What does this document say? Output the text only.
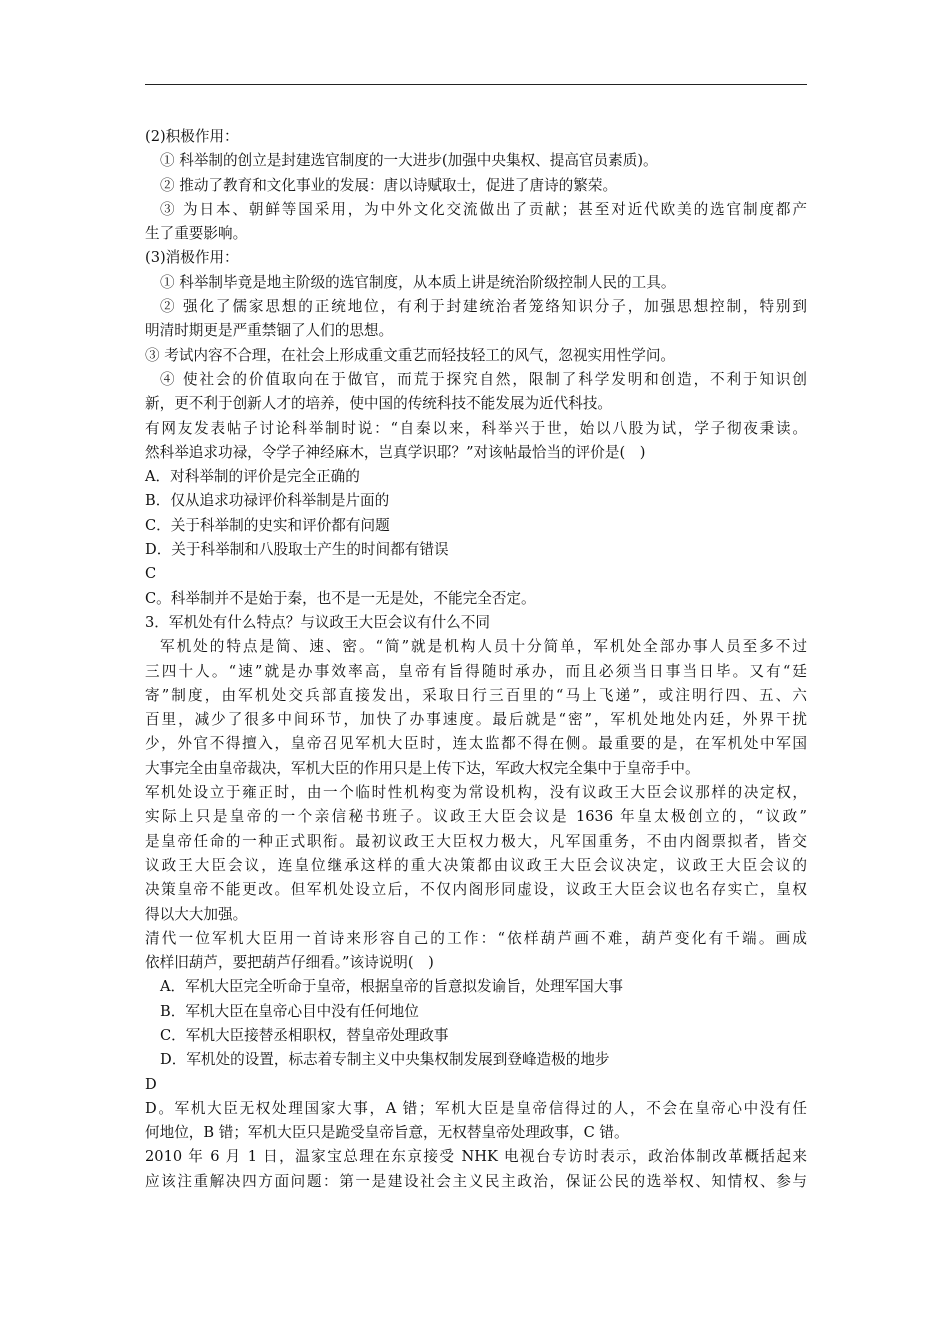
(2)积极作用：

① 科举制的创立是封建选官制度的一大进步(加强中央集权、提高官员素质)。

② 推动了教育和文化事业的发展：唐以诗赋取士，促进了唐诗的繁荣。

③ 为日本、朝鲜等国采用，为中外文化交流做出了贡献；甚至对近代欧美的选官制度都产

生了重要影响。

(3)消极作用：

① 科举制毕竟是地主阶级的选官制度，从本质上讲是统治阶级控制人民的工具。

② 强化了儒家思想的正统地位，有利于封建统治者笼络知识分子，加强思想控制，特别到

明清时期更是严重禁锢了人们的思想。

③ 考试内容不合理，在社会上形成重文重艺而轻技轻工的风气，忽视实用性学问。

④ 使社会的价值取向在于做官，而荒于探究自然，限制了科学发明和创造，不利于知识创

新，更不利于创新人才的培养，使中国的传统科技不能发展为近代科技。

有网友发表帖子讨论科举制时说：“自秦以来，科举兴于世，始以八股为试，学子彻夜秉读。

然科举追求功禄，令学子神经麻木，岂真学识耶？”对该帖最恰当的评价是(　)

A．对科举制的评价是完全正确的

B．仅从追求功禄评价科举制是片面的

C．关于科举制的史实和评价都有问题

D．关于科举制和八股取士产生的时间都有错误

C

C。科举制并不是始于秦，也不是一无是处，不能完全否定。

3．军机处有什么特点？与议政王大臣会议有什么不同

军机处的特点是简、速、密。“简”就是机构人员十分简单，军机处全部办事人员至多不过

三四十人。“速”就是办事效率高，皇帝有旨得随时承办，而且必须当日事当日毕。又有“廷

寄”制度，由军机处交兵部直接发出，采取日行三百里的“马上飞递”，或注明行四、五、六

百里，减少了很多中间环节，加快了办事速度。最后就是“密”，军机处地处内廷，外界干扰

少，外官不得擅入，皇帝召见军机大臣时，连太监都不得在侧。最重要的是，在军机处中军国

大事完全由皇帝裁决，军机大臣的作用只是上传下达，军政大权完全集中于皇帝手中。

军机处设立于雍正时，由一个临时性机构变为常设机构，没有议政王大臣会议那样的决定权，

实际上只是皇帝的一个亲信秘书班子。议政王大臣会议是 1636 年皇太极创立的，“议政”

是皇帝任命的一种正式职衔。最初议政王大臣权力极大，凡军国重务，不由内阁票拟者，皆交

议政王大臣会议，连皇位继承这样的重大决策都由议政王大臣会议决定，议政王大臣会议的

决策皇帝不能更改。但军机处设立后，不仅内阁形同虚设，议政王大臣会议也名存实亡，皇权

得以大大加强。

清代一位军机大臣用一首诗来形容自己的工作：“依样葫芦画不难，葫芦变化有千端。画成

依样旧葫芦，要把葫芦仔细看。”该诗说明(　)

A．军机大臣完全听命于皇帝，根据皇帝的旨意拟发谕旨，处理军国大事

B．军机大臣在皇帝心目中没有任何地位

C．军机大臣接替丞相职权，替皇帝处理政事

D．军机处的设置，标志着专制主义中央集权制发展到登峰造极的地步

D

D。军机大臣无权处理国家大事，A 错；军机大臣是皇帝信得过的人，不会在皇帝心中没有任

何地位，B 错；军机大臣只是跪受皇帝旨意，无权替皇帝处理政事，C 错。

2010 年 6 月 1 日，温家宝总理在东京接受 NHK 电视台专访时表示，政治体制改革概括起来

应该注重解决四方面问题：第一是建设社会主义民主政治，保证公民的选举权、知情权、参与
